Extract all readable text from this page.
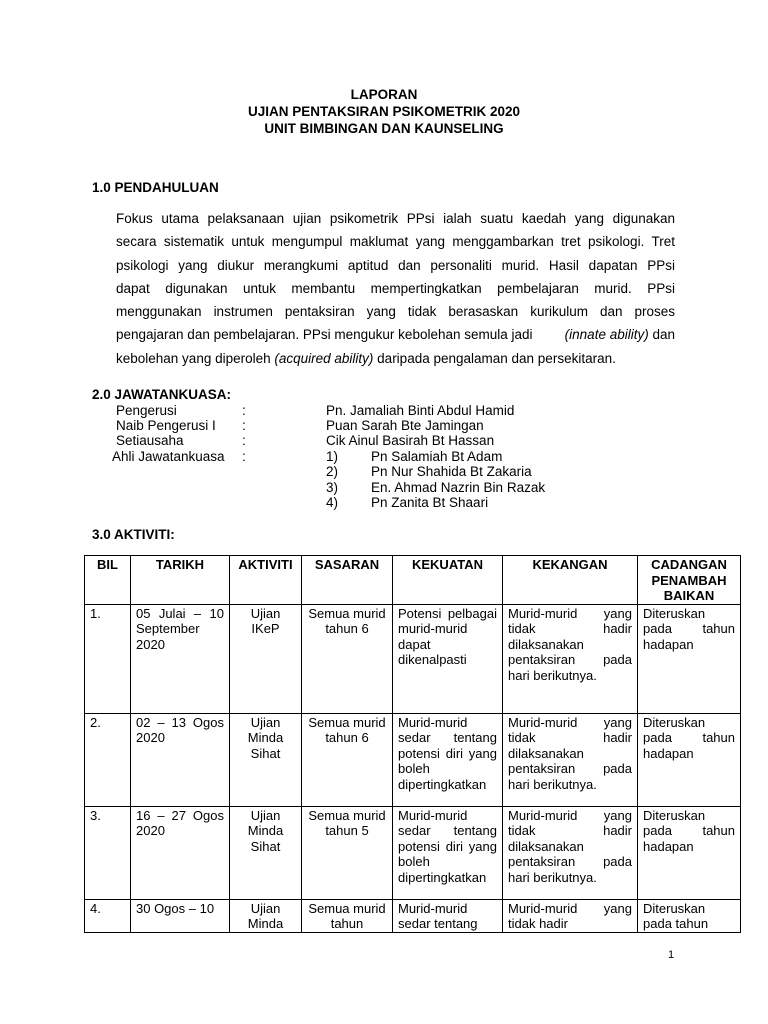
LAPORAN
UJIAN PENTAKSIRAN PSIKOMETRIK 2020
UNIT BIMBINGAN DAN KAUNSELING
1.0 PENDAHULUAN
Fokus utama pelaksanaan ujian psikometrik PPsi ialah suatu kaedah yang digunakan
secara sistematik untuk mengumpul maklumat yang menggambarkan tret psikologi. Tret
psikologi yang diukur merangkumi aptitud dan personaliti murid. Hasil dapatan PPsi
dapat digunakan untuk membantu mempertingkatkan pembelajaran murid. PPsi
menggunakan instrumen pentaksiran yang tidak berasaskan kurikulum dan proses
pengajaran dan pembelajaran. PPsi mengukur kebolehan semula jadi (innate ability) dan
kebolehan yang diperoleh (acquired ability) daripada pengalaman dan persekitaran.
2.0 JAWATANKUASA:
Pengerusi	:	Pn. Jamaliah Binti Abdul Hamid
Naib Pengerusi I :	Puan Sarah Bte Jamingan
Setiausaha	:	Cik Ainul Basirah Bt Hassan
Ahli Jawatankuasa :	1) Pn Salamiah Bt Adam
2) Pn Nur Shahida Bt Zakaria
3) En. Ahmad Nazrin Bin Razak
4) Pn Zanita Bt Shaari
3.0 AKTIVITI:
BIL	TARIKH	AKTIVITI	SASARAN	KEKUATAN	KEKANGAN	CADANGAN PENAMBAH BAIKAN
1.	05 Julai – 10 September 2020	Ujian IKeP	Semua murid tahun 6	Potensi pelbagai murid-murid dapat dikenalpasti	Murid-murid yang tidak hadir dilaksanakan pentaksiran pada hari berikutnya.	Diteruskan pada tahun hadapan
2.	02 – 13 Ogos 2020	Ujian Minda Sihat	Semua murid tahun 6	Murid-murid sedar tentang potensi diri yang boleh dipertingkatkan	Murid-murid yang tidak hadir dilaksanakan pentaksiran pada hari berikutnya.	Diteruskan pada tahun hadapan
3.	16 – 27 Ogos 2020	Ujian Minda Sihat	Semua murid tahun 5	Murid-murid sedar tentang potensi diri yang boleh dipertingkatkan	Murid-murid yang tidak hadir dilaksanakan pentaksiran pada hari berikutnya.	Diteruskan pada tahun hadapan
4.	30 Ogos – 10	Ujian Minda	Semua murid tahun	Murid-murid sedar tentang	Murid-murid yang tidak hadir	Diteruskan pada tahun
1
